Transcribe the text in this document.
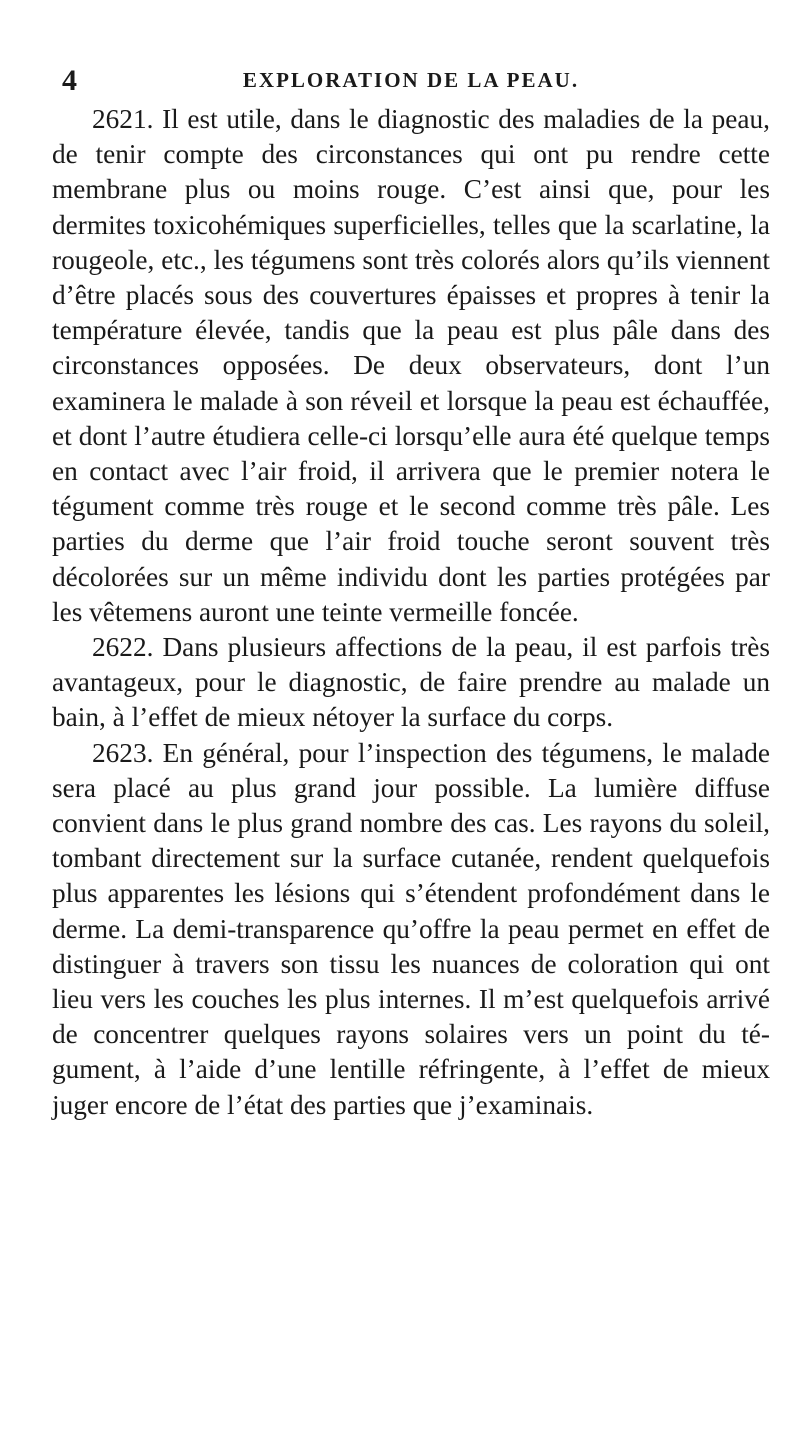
4	EXPLORATION DE LA PEAU.

2621. Il est utile, dans le diagnostic des maladies de la peau, de tenir compte des circonstances qui ont pu rendre cette membrane plus ou moins rouge. C’est ainsi que, pour les dermites toxicohémiques superficielles, telles que la scarlatine, la rougeole, etc., les tégumens sont très colorés alors qu’ils viennent d’être placés sous des couvertures épaisses et propres à tenir la température élevée, tandis que la peau est plus pâle dans des circonstances opposées. De deux observateurs, dont l’un examinera le malade à son réveil et lorsque la peau est échauffée, et dont l’autre étudiera celle-ci lorsqu’elle aura été quelque temps en contact avec l’air froid, il arrivera que le premier notera le tégument comme très rouge et le second comme très pâle. Les parties du derme que l’air froid touche seront souvent très décolorées sur un même individu dont les parties protégées par les vêtemens auront une teinte vermeille foncée.

2622. Dans plusieurs affections de la peau, il est parfois très avantageux, pour le diagnostic, de faire prendre au malade un bain, à l’effet de mieux nétoyer la surface du corps.

2623. En général, pour l’inspection des tégumens, le malade sera placé au plus grand jour possible. La lumière diffuse convient dans le plus grand nombre des cas. Les rayons du soleil, tombant directement sur la surface cutanée, rendent quelquefois plus apparentes les lésions qui s’étendent profondément dans le derme. La demi-transparence qu’offre la peau permet en effet de distinguer à travers son tissu les nuances de coloration qui ont lieu vers les couches les plus internes. Il m’est quelquefois arrivé de concentrer quelques rayons solaires vers un point du tégument, à l’aide d’une lentille réfringente, à l’effet de mieux juger encore de l’état des parties que j’examinais.
